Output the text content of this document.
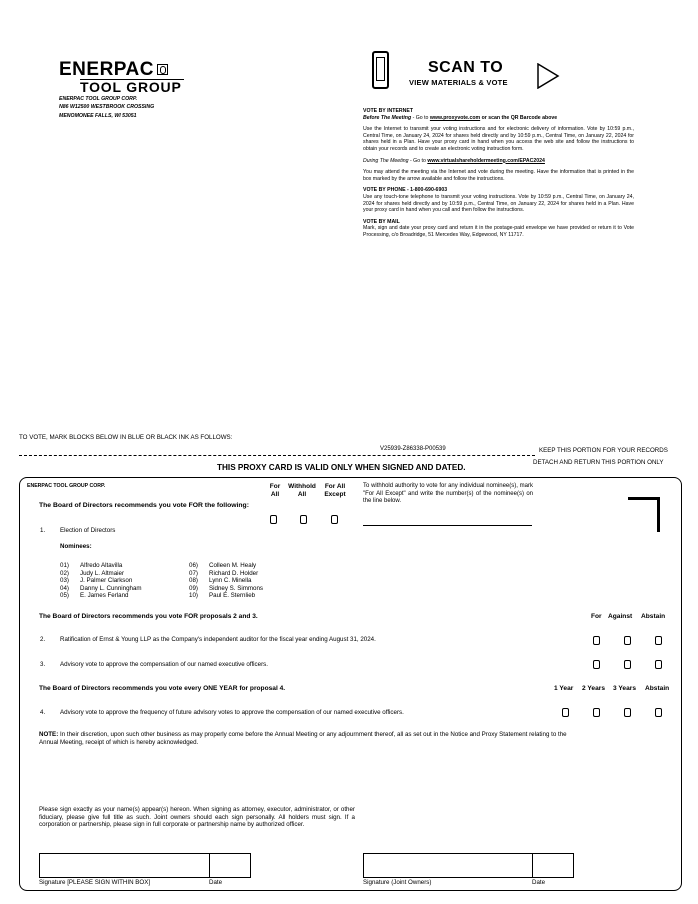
ENERPAC
TOOL GROUP
ENERPAC TOOL GROUP CORP.
N86 W12500 WESTBROOK CROSSING
MENOMONEE FALLS, WI 53051
SCAN TO
VIEW MATERIALS & VOTE
VOTE BY INTERNET
Before The Meeting - Go to www.proxyvote.com or scan the QR Barcode above
Use the Internet to transmit your voting instructions and for electronic delivery of information. Vote by 10:59 p.m., Central Time, on January 24, 2024 for shares held directly and by 10:59 p.m., Central Time, on January 22, 2024 for shares held in a Plan. Have your proxy card in hand when you access the web site and follow the instructions to obtain your records and to create an electronic voting instruction form.
During The Meeting - Go to www.virtualshareholdermeeting.com/EPAC2024
You may attend the meeting via the Internet and vote during the meeting. Have the information that is printed in the box marked by the arrow available and follow the instructions.
VOTE BY PHONE - 1-800-690-6903
Use any touch-tone telephone to transmit your voting instructions. Vote by 10:59 p.m., Central Time, on January 24, 2024 for shares held directly and by 10:59 p.m., Central Time, on January 22, 2024 for shares held in a Plan. Have your proxy card in hand when you call and then follow the instructions.
VOTE BY MAIL
Mark, sign and date your proxy card and return it in the postage-paid envelope we have provided or return it to Vote Processing, c/o Broadridge, 51 Mercedes Way, Edgewood, NY 11717.
TO VOTE, MARK BLOCKS BELOW IN BLUE OR BLACK INK AS FOLLOWS:
V25939-Z86338-P00539	KEEP THIS PORTION FOR YOUR RECORDS
DETACH AND RETURN THIS PORTION ONLY
THIS PROXY CARD IS VALID ONLY WHEN SIGNED AND DATED.
ENERPAC TOOL GROUP CORP.	For
All
Withhold
All
For All
Except
To withhold authority to vote for any individual nominee(s), mark "For All Except" and write the number(s) of the nominee(s) on the line below.
The Board of Directors recommends you vote FOR the following:
1. Election of Directors
Nominees:
01) Alfredo Altavilla
02) Judy L. Altmaier
03) J. Palmer Clarkson
04) Danny L. Cunningham
05) E. James Ferland
06) Colleen M. Healy
07) Richard D. Holder
08) Lynn C. Minella
09) Sidney S. Simmons
10) Paul E. Sternlieb
The Board of Directors recommends you vote FOR proposals 2 and 3.	For Against Abstain
2. Ratification of Ernst & Young LLP as the Company's independent auditor for the fiscal year ending August 31, 2024.
3. Advisory vote to approve the compensation of our named executive officers.
The Board of Directors recommends you vote every ONE YEAR for proposal 4.	1 Year 2 Years 3 Years Abstain
4. Advisory vote to approve the frequency of future advisory votes to approve the compensation of our named executive officers.
NOTE: In their discretion, upon such other business as may properly come before the Annual Meeting or any adjournment thereof, all as set out in the Notice and Proxy Statement relating to the Annual Meeting, receipt of which is hereby acknowledged.
Please sign exactly as your name(s) appear(s) hereon. When signing as attorney, executor, administrator, or other fiduciary, please give full title as such. Joint owners should each sign personally. All holders must sign. If a corporation or partnership, please sign in full corporate or partnership name by authorized officer.
Signature [PLEASE SIGN WITHIN BOX]	Date	Signature (Joint Owners)	Date
